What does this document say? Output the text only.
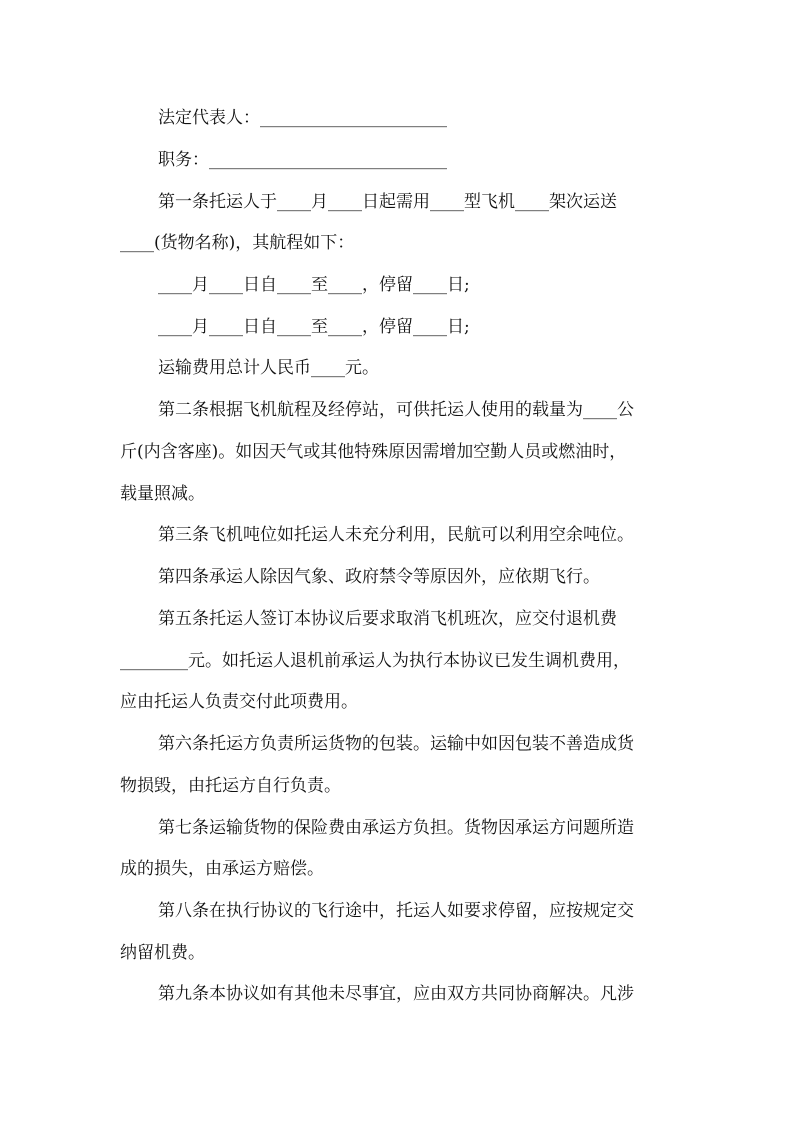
法定代表人：______________________
职务：____________________________
第一条托运人于____月____日起需用____型飞机____架次运送
____(货物名称)，其航程如下：
____月____日自____至____，停留____日;
____月____日自____至____，停留____日;
运输费用总计人民币____元。
第二条根据飞机航程及经停站，可供托运人使用的载量为____公
斤(内含客座)。如因天气或其他特殊原因需增加空勤人员或燃油时，
载量照减。
第三条飞机吨位如托运人未充分利用，民航可以利用空余吨位。
第四条承运人除因气象、政府禁令等原因外，应依期飞行。
第五条托运人签订本协议后要求取消飞机班次，应交付退机费
________元。如托运人退机前承运人为执行本协议已发生调机费用，
应由托运人负责交付此项费用。
第六条托运方负责所运货物的包装。运输中如因包装不善造成货
物损毁，由托运方自行负责。
第七条运输货物的保险费由承运方负担。货物因承运方问题所造
成的损失，由承运方赔偿。
第八条在执行协议的飞行途中，托运人如要求停留，应按规定交
纳留机费。
第九条本协议如有其他未尽事宜，应由双方共同协商解决。凡涉
